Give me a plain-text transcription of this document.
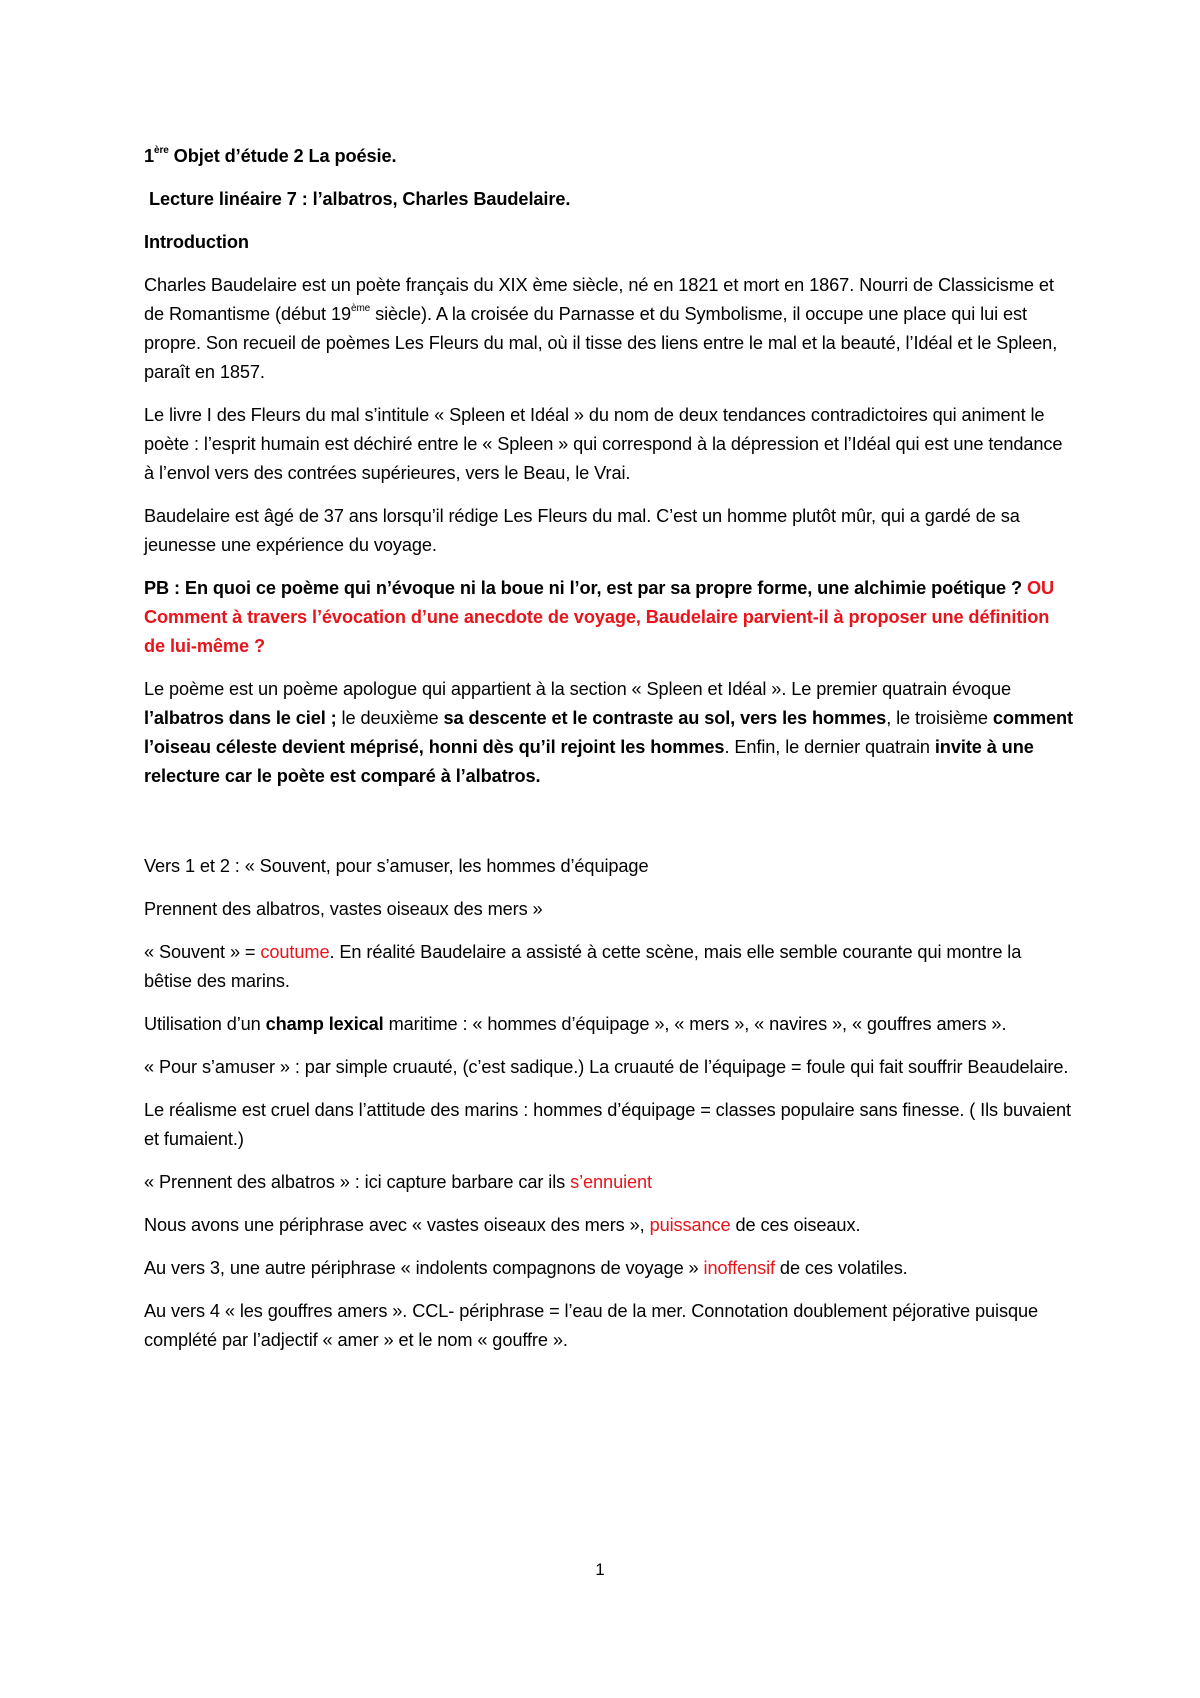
1ère Objet d’étude 2 La poésie.

Lecture linéaire 7 : l’albatros, Charles Baudelaire.

Introduction

Charles Baudelaire est un poète français du XIX ème siècle, né en 1821 et mort en 1867. Nourri de Classicisme et de Romantisme (début 19ème siècle). A la croisée du Parnasse et du Symbolisme, il occupe une place qui lui est propre. Son recueil de poèmes Les Fleurs du mal, où il tisse des liens entre le mal et la beauté, l’Idéal et le Spleen, paraît en 1857.

Le livre I des Fleurs du mal s’intitule « Spleen et Idéal » du nom de deux tendances contradictoires qui animent le poète : l’esprit humain est déchiré entre le « Spleen » qui correspond à la dépression et l’Idéal qui est une tendance à l’envol vers des contrées supérieures, vers le Beau, le Vrai.

Baudelaire est âgé de 37 ans lorsqu’il rédige Les Fleurs du mal. C’est un homme plutôt mûr, qui a gardé de sa jeunesse une expérience du voyage.

PB : En quoi ce poème qui n’évoque ni la boue ni l’or, est par sa propre forme, une alchimie poétique ? OU  Comment à travers l’évocation d’une anecdote de voyage, Baudelaire parvient-il à proposer une définition de lui-même ?

Le poème est un poème apologue qui appartient à la section « Spleen et Idéal ». Le premier quatrain évoque l’albatros dans le ciel ; le deuxième sa descente et le contraste au sol, vers les hommes, le troisième comment l’oiseau céleste devient méprisé, honni dès qu’il rejoint les hommes. Enfin, le dernier quatrain invite à une relecture car le poète est comparé à l’albatros.

Vers 1 et 2 : « Souvent, pour s’amuser, les hommes d’équipage

Prennent des albatros, vastes oiseaux des mers »

« Souvent » = coutume. En réalité Baudelaire a assisté à cette scène, mais elle semble courante qui montre la bêtise des marins.

Utilisation d’un champ lexical maritime : « hommes d’équipage », « mers », « navires », « gouffres amers ».

« Pour s’amuser » : par simple cruauté, (c’est sadique.) La cruauté de l’équipage = foule qui fait souffrir Beaudelaire.

Le réalisme est cruel dans l’attitude des marins : hommes d’équipage = classes populaire sans finesse. ( Ils buvaient et fumaient.)

« Prennent des albatros » : ici capture barbare car ils s’ennuient

Nous avons une périphrase avec « vastes oiseaux des mers », puissance de ces oiseaux.

Au vers 3, une autre périphrase « indolents compagnons de voyage » inoffensif de ces volatiles.

Au vers 4 « les gouffres amers ». CCL- périphrase = l’eau de la mer. Connotation doublement péjorative puisque complété par l’adjectif « amer » et le nom « gouffre ».

1
